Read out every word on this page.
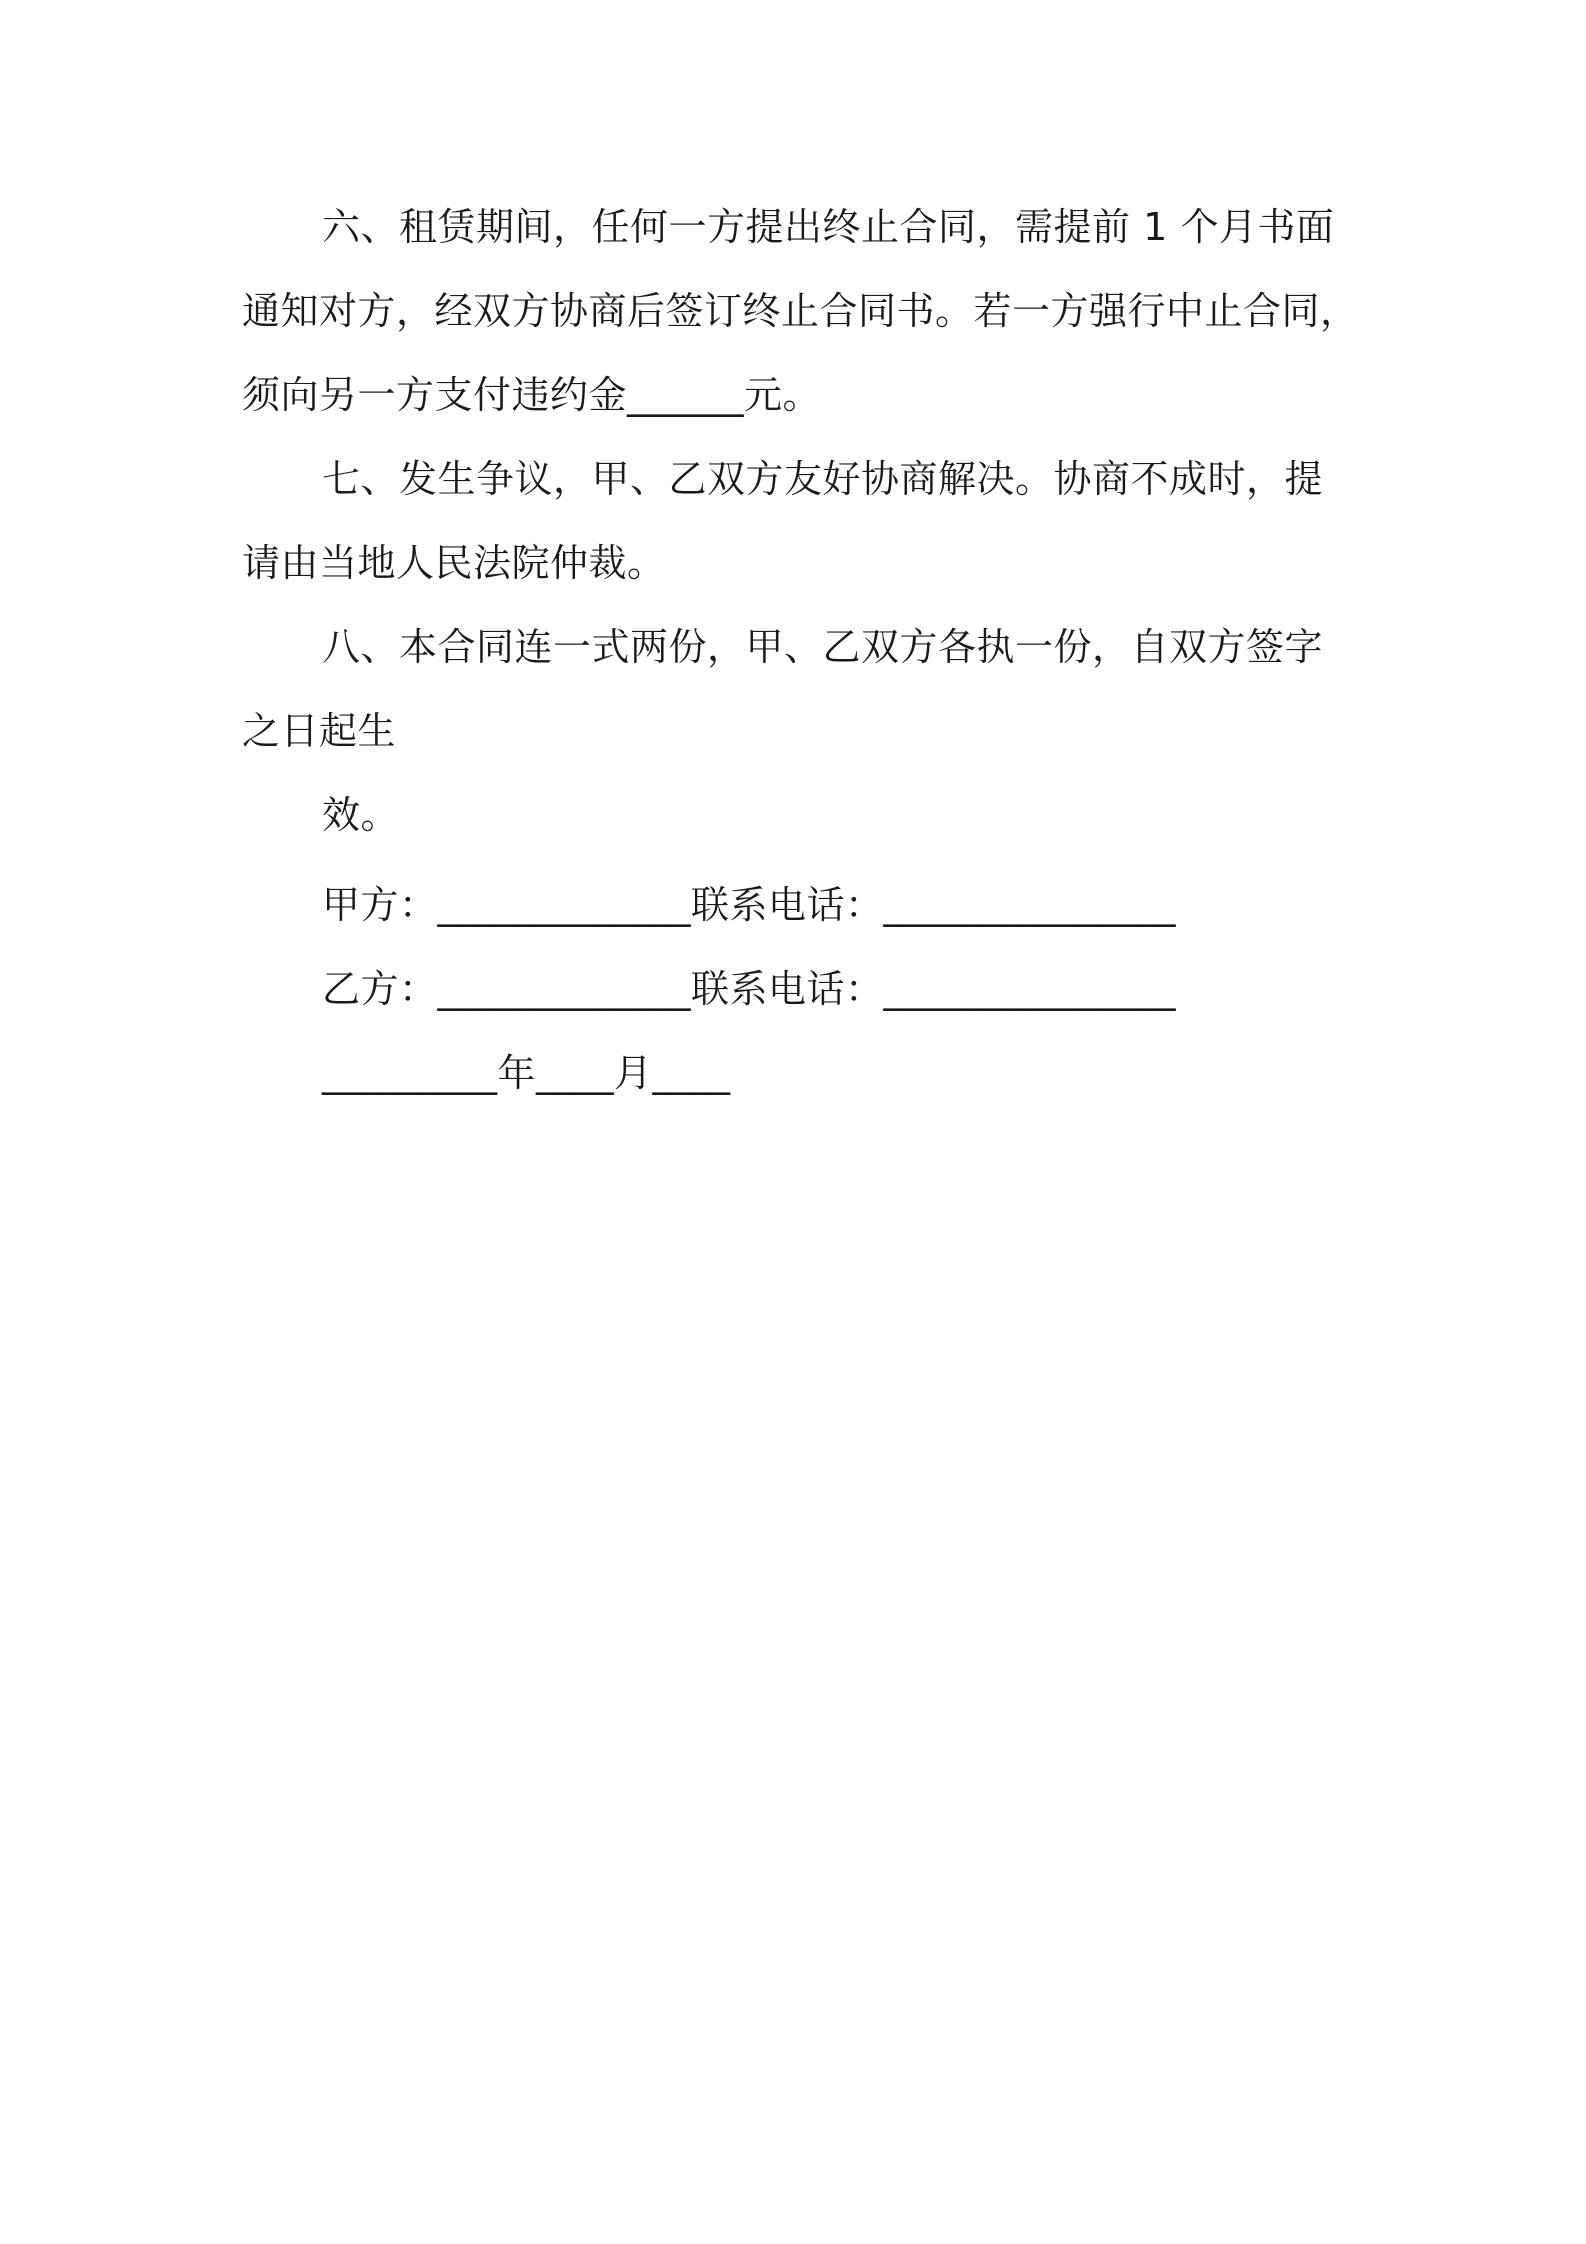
六、租赁期间，任何一方提出终止合同，需提前 1 个月书面
通知对方，经双方协商后签订终止合同书。若一方强行中止合同，
须向另一方支付违约金______元。
七、发生争议，甲、乙双方友好协商解决。协商不成时，提
请由当地人民法院仲裁。
八、本合同连一式两份，甲、乙双方各执一份，自双方签字
之日起生
效。
甲方：_____________联系电话：_______________
乙方：_____________联系电话：_______________
_________年____月____
